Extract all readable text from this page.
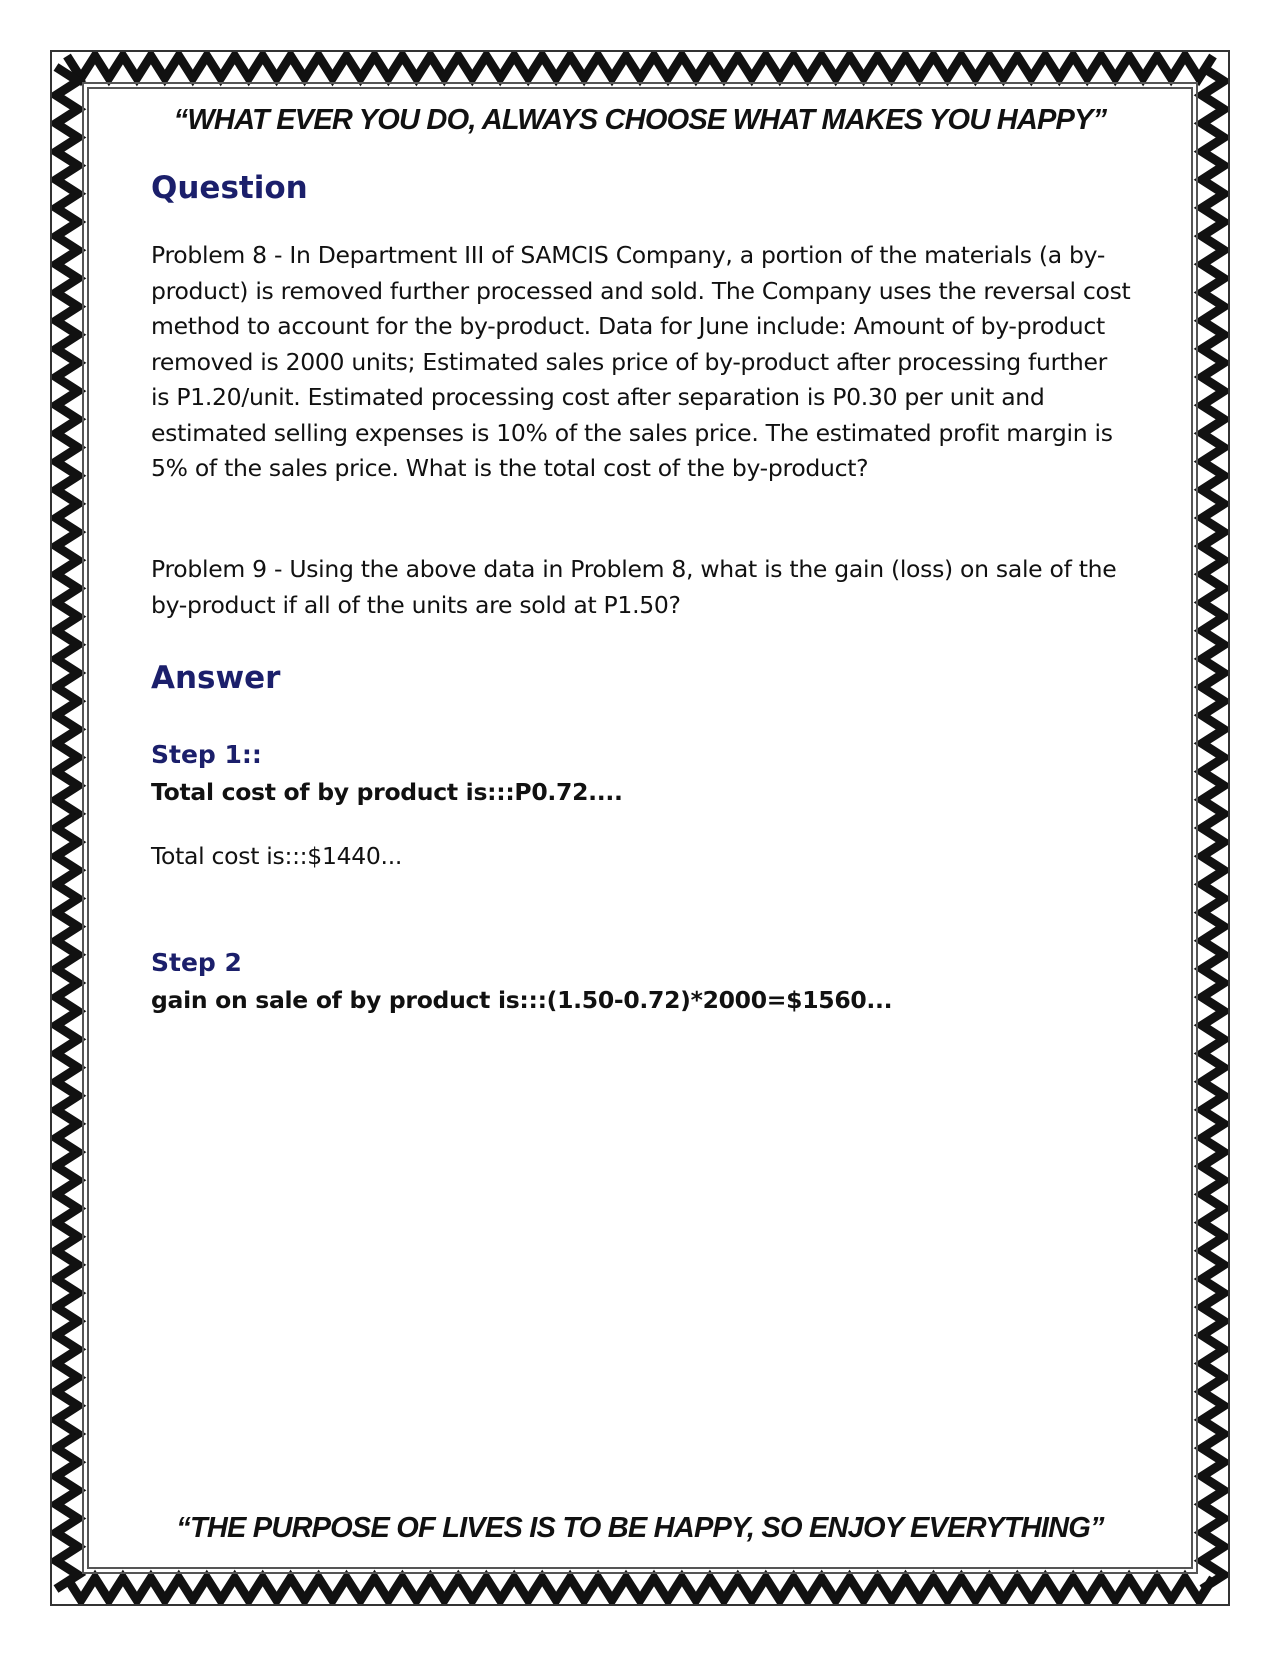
“WHAT EVER YOU DO, ALWAYS CHOOSE WHAT MAKES YOU HAPPY”
Question

Problem 8 - In Department III of SAMCIS Company, a portion of the materials (a by-product) is removed further processed and sold. The Company uses the reversal cost method to account for the by-product. Data for June include: Amount of by-product removed is 2000 units; Estimated sales price of by-product after processing further is P1.20/unit. Estimated processing cost after separation is P0.30 per unit and estimated selling expenses is 10% of the sales price. The estimated profit margin is 5% of the sales price. What is the total cost of the by-product?

Problem 9 - Using the above data in Problem 8, what is the gain (loss) on sale of the by-product if all of the units are sold at P1.50?

Answer
Step 1::
Total cost of by product is:::P0.72....
Total cost is:::$1440...
Step 2
gain on sale of by product is:::(1.50-0.72)*2000=$1560...
“THE PURPOSE OF LIVES IS TO BE HAPPY, SO ENJOY EVERYTHING”
